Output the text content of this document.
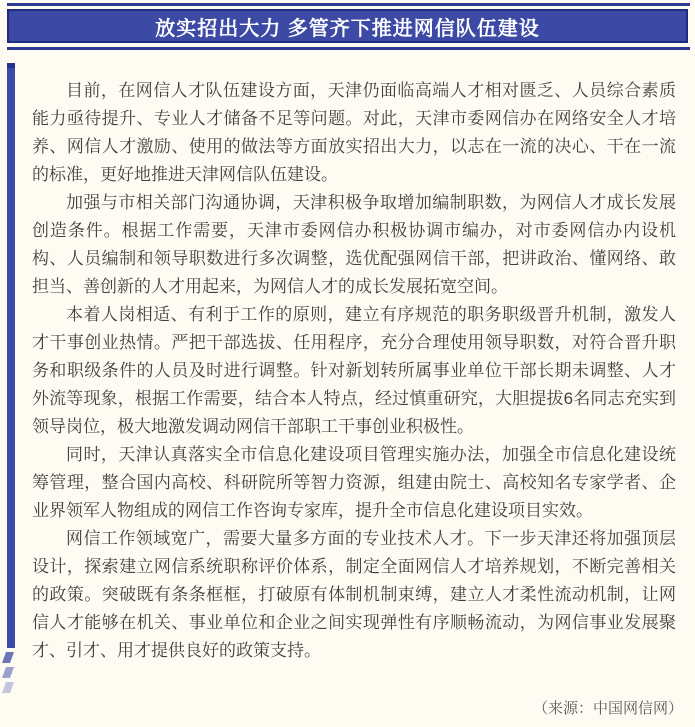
放实招出大力 多管齐下推进网信队伍建设

目前，在网信人才队伍建设方面，天津仍面临高端人才相对匮乏、人员综合素质能力亟待提升、专业人才储备不足等问题。对此，天津市委网信办在网络安全人才培养、网信人才激励、使用的做法等方面放实招出大力，以志在一流的决心、干在一流的标准，更好地推进天津网信队伍建设。

加强与市相关部门沟通协调，天津积极争取增加编制职数，为网信人才成长发展创造条件。根据工作需要，天津市委网信办积极协调市编办，对市委网信办内设机构、人员编制和领导职数进行多次调整，选优配强网信干部，把讲政治、懂网络、敢担当、善创新的人才用起来，为网信人才的成长发展拓宽空间。

本着人岗相适、有利于工作的原则，建立有序规范的职务职级晋升机制，激发人才干事创业热情。严把干部选拔、任用程序，充分合理使用领导职数，对符合晋升职务和职级条件的人员及时进行调整。针对新划转所属事业单位干部长期未调整、人才外流等现象，根据工作需要，结合本人特点，经过慎重研究，大胆提拔6名同志充实到领导岗位，极大地激发调动网信干部职工干事创业积极性。

同时，天津认真落实全市信息化建设项目管理实施办法，加强全市信息化建设统筹管理，整合国内高校、科研院所等智力资源，组建由院士、高校知名专家学者、企业界领军人物组成的网信工作咨询专家库，提升全市信息化建设项目实效。

网信工作领域宽广，需要大量多方面的专业技术人才。下一步天津还将加强顶层设计，探索建立网信系统职称评价体系，制定全面网信人才培养规划，不断完善相关的政策。突破既有条条框框，打破原有体制机制束缚，建立人才柔性流动机制，让网信人才能够在机关、事业单位和企业之间实现弹性有序顺畅流动，为网信事业发展聚才、引才、用才提供良好的政策支持。

（来源：中国网信网）
